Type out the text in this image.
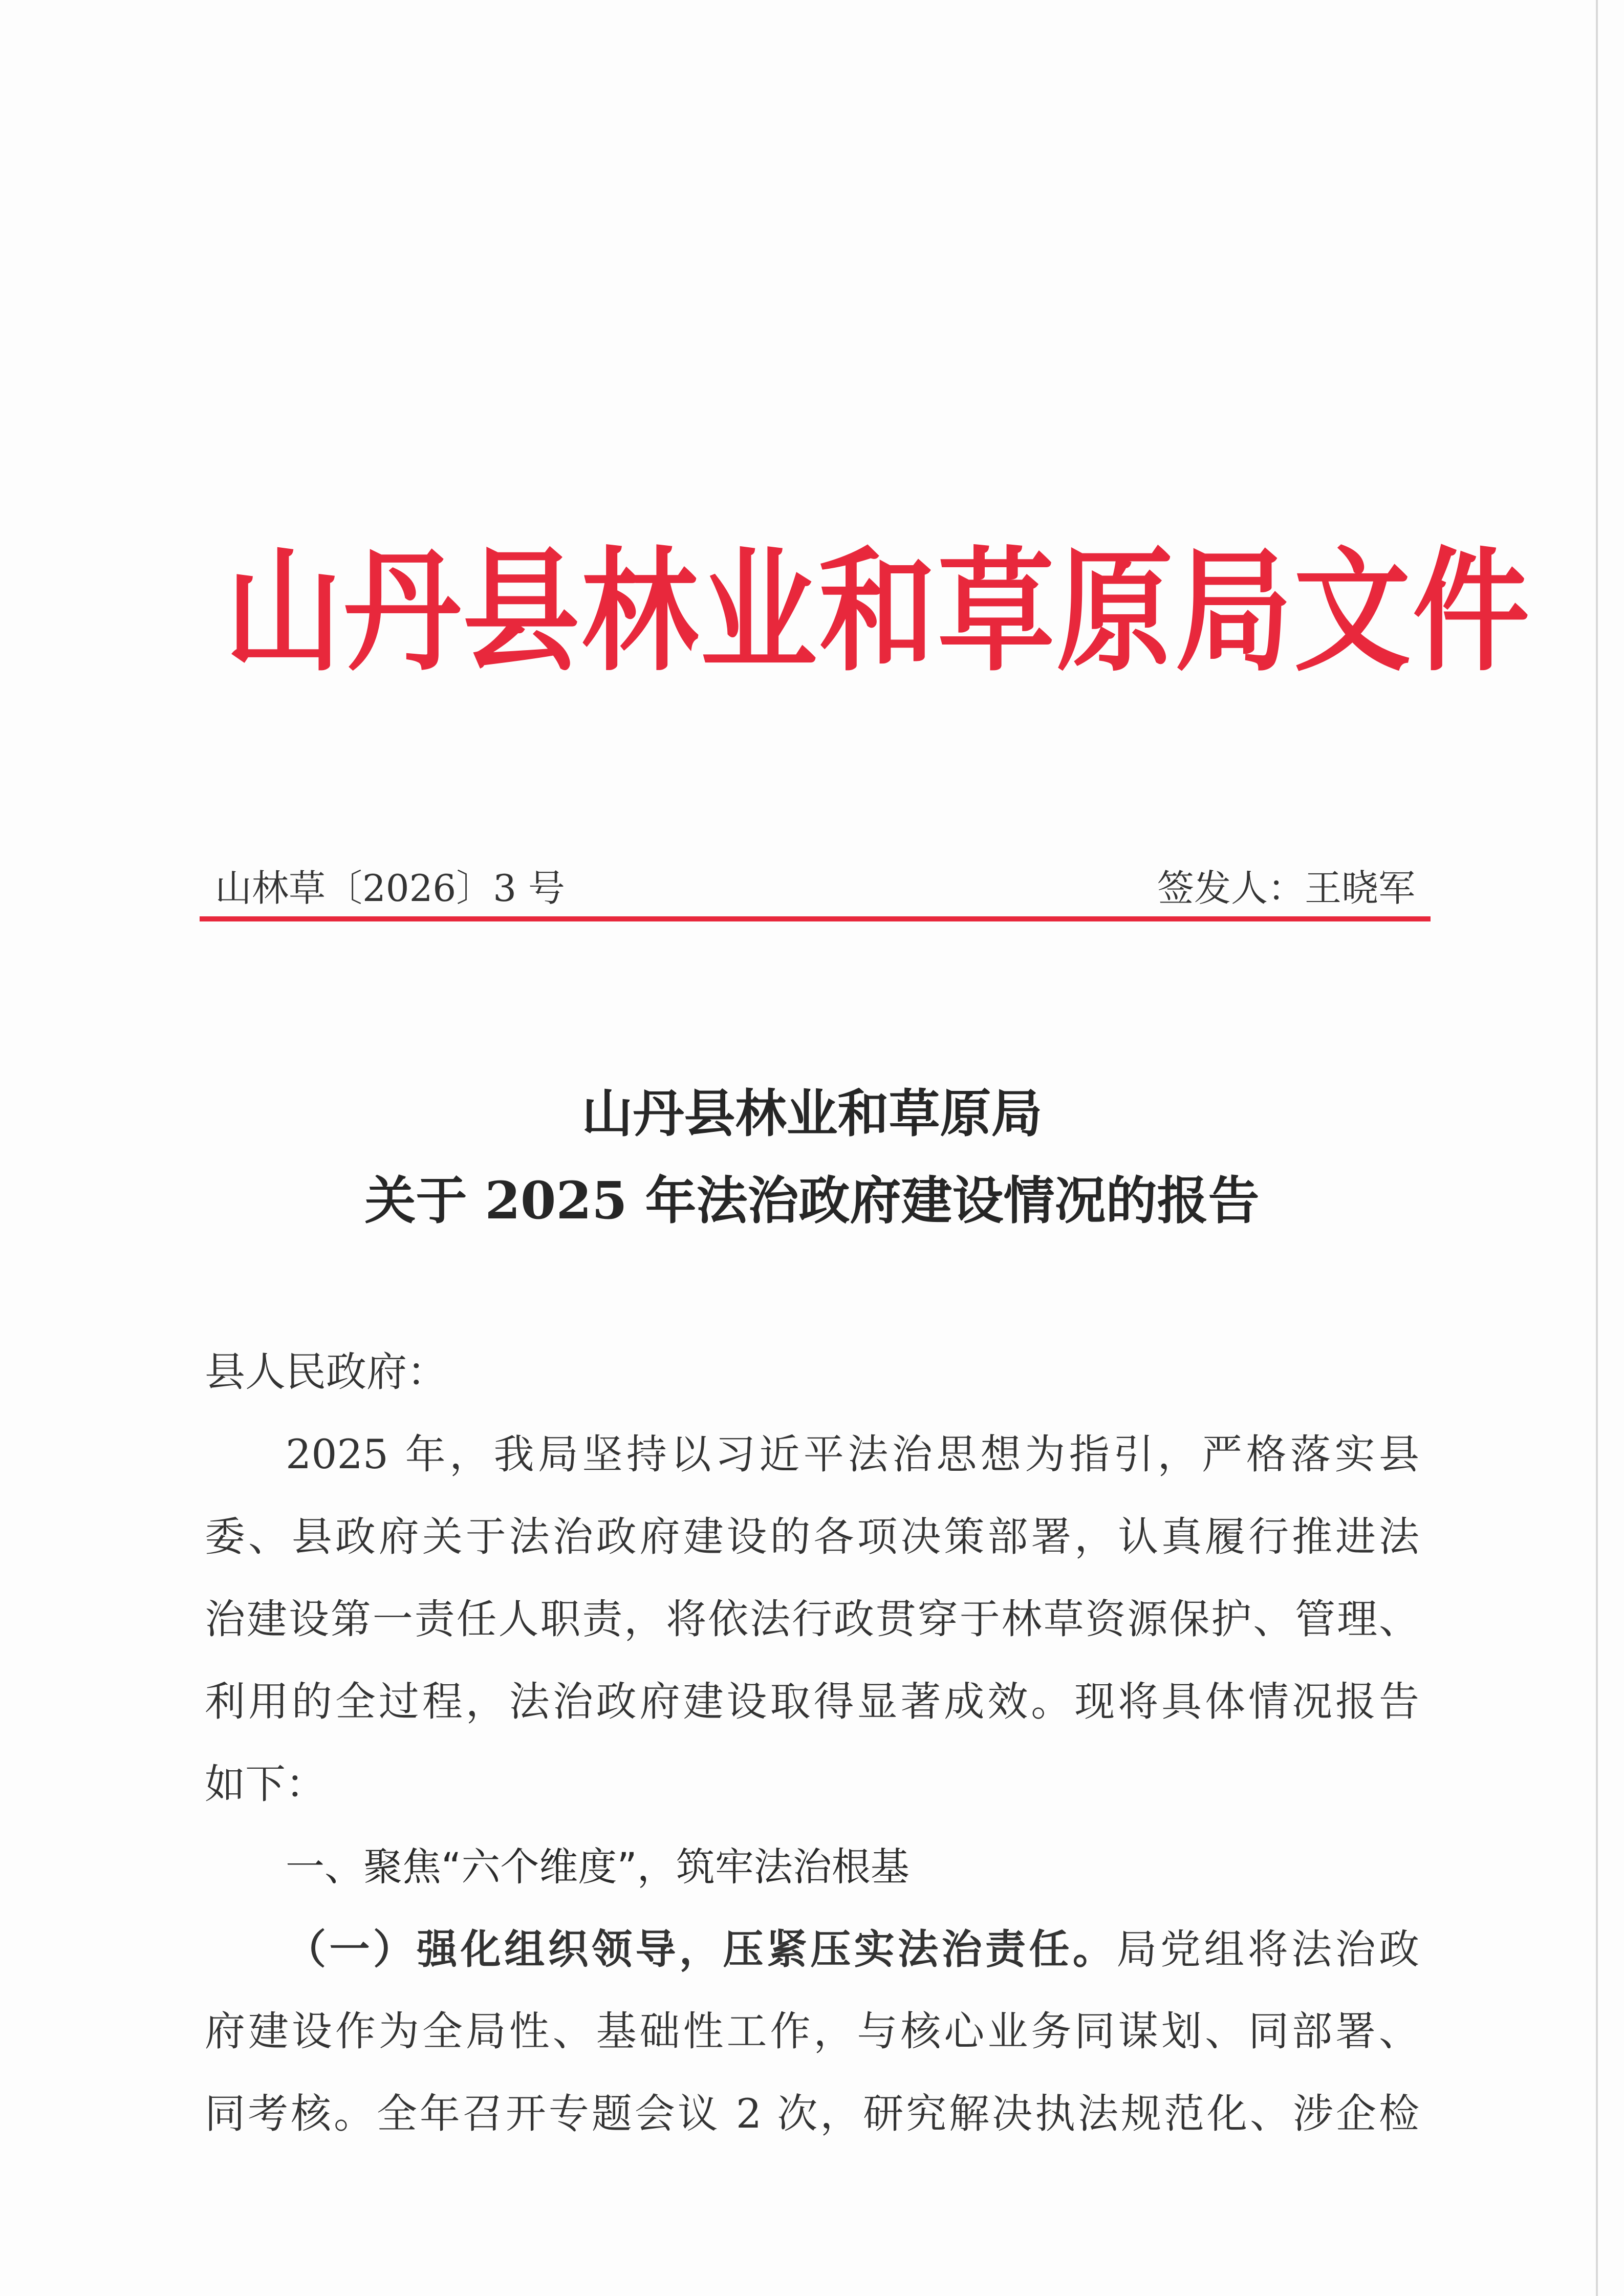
山丹县林业和草原局文件
山林草〔2026〕3 号	签发人：王晓军
山丹县林业和草原局
关于 2025 年法治政府建设情况的报告
县人民政府：
2025 年，我局坚持以习近平法治思想为指引，严格落实县
委、县政府关于法治政府建设的各项决策部署，认真履行推进法
治建设第一责任人职责，将依法行政贯穿于林草资源保护、管理、
利用的全过程，法治政府建设取得显著成效。现将具体情况报告
如下：
一、聚焦“六个维度”，筑牢法治根基
（一）强化组织领导，压紧压实法治责任。局党组将法治政
府建设作为全局性、基础性工作，与核心业务同谋划、同部署、
同考核。全年召开专题会议 2 次，研究解决执法规范化、涉企检
